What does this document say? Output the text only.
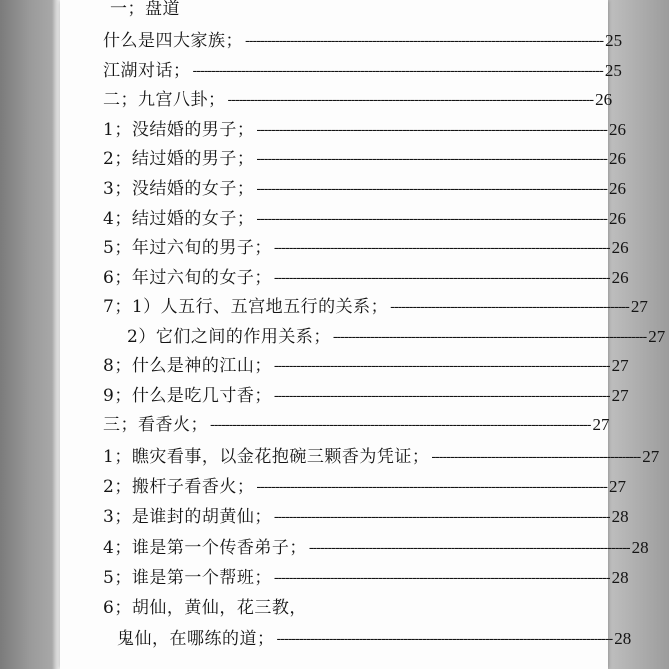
一；盘道
什么是四大家族； ------------------------------------------------------------------------------------------------ 25
江湖对话； -------------------------------------------------------------------------------------------------------------- 25
二；九宫八卦； -------------------------------------------------------------------------------------------------- 26
1；没结婚的男子； ---------------------------------------------------------------------------------------------- 26
2；结过婚的男子； ---------------------------------------------------------------------------------------------- 26
3；没结婚的女子； ---------------------------------------------------------------------------------------------- 26
4；结过婚的女子； ---------------------------------------------------------------------------------------------- 26
5；年过六旬的男子； ------------------------------------------------------------------------------------------ 26
6；年过六旬的女子； ------------------------------------------------------------------------------------------ 26
7；1）人五行、五宫地五行的关系； ---------------------------------------------------------------- 27
2）它们之间的作用关系； ------------------------------------------------------------------------------------ 27
8；什么是神的江山； ------------------------------------------------------------------------------------------ 27
9；什么是吃几寸香； ------------------------------------------------------------------------------------------ 27
三；看香火； ------------------------------------------------------------------------------------------------------ 27
1；瞧灾看事，以金花抱碗三颗香为凭证； -------------------------------------------------------- 27
2；搬杆子看香火； ---------------------------------------------------------------------------------------------- 27
3；是谁封的胡黄仙； ------------------------------------------------------------------------------------------ 28
4；谁是第一个传香弟子； -------------------------------------------------------------------------------------- 28
5；谁是第一个帮班； ------------------------------------------------------------------------------------------ 28
6；胡仙，黄仙，花三教，
鬼仙，在哪练的道； ------------------------------------------------------------------------------------------ 28
